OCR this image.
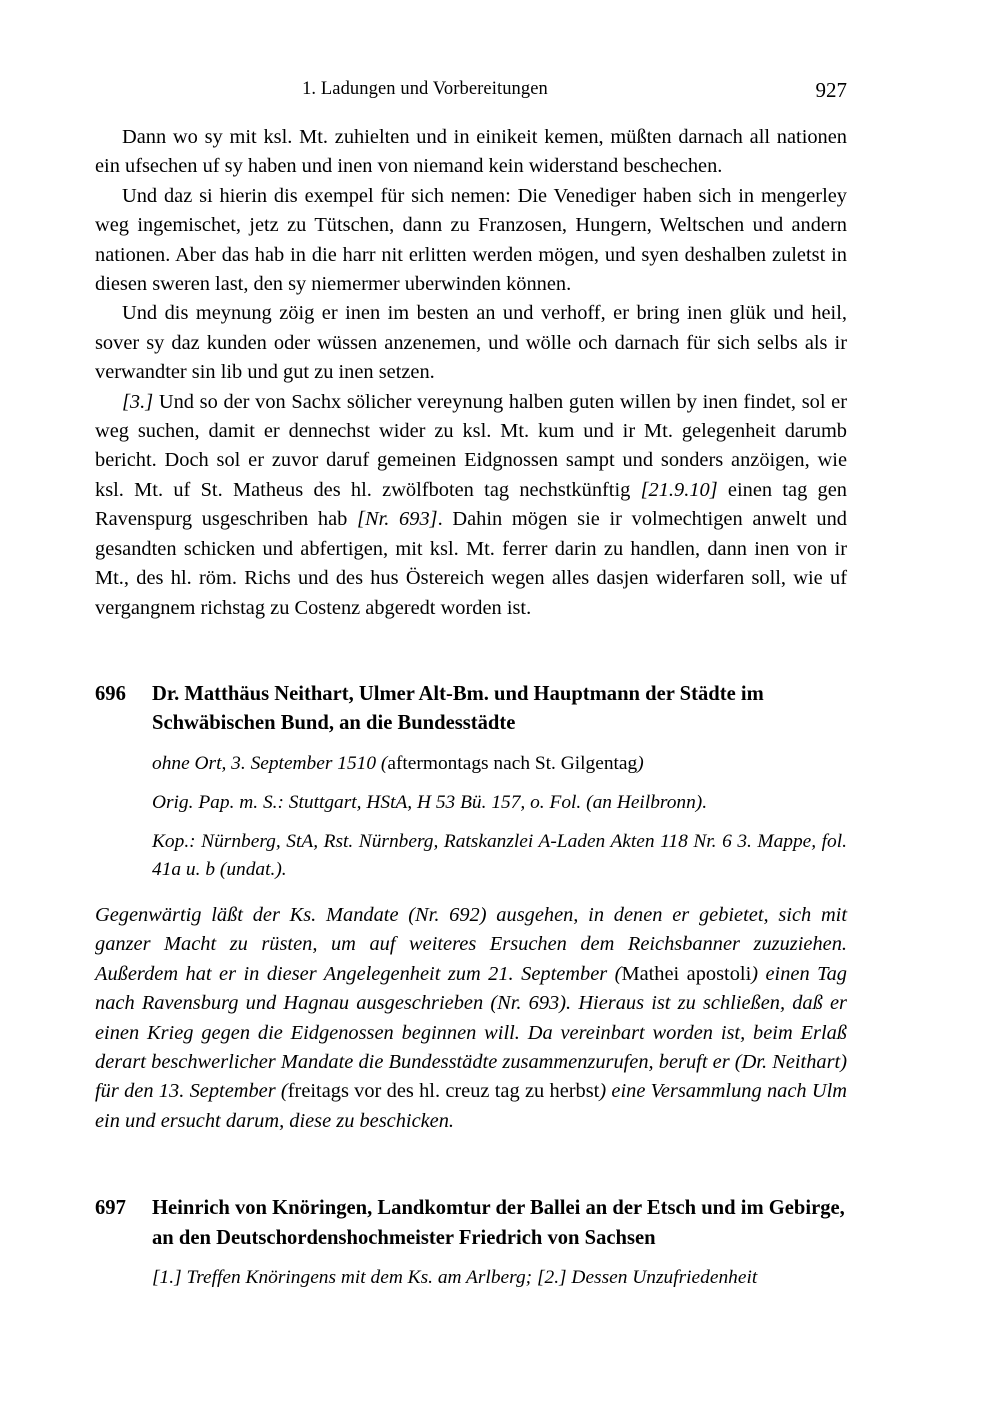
1. Ladungen und Vorbereitungen	927

Dann wo sy mit ksl. Mt. zuhielten und in einikeit kemen, müßten darnach all nationen ein ufsechen uf sy haben und inen von niemand kein widerstand beschechen.

Und daz si hierin dis exempel für sich nemen: Die Venediger haben sich in mengerley weg ingemischet, jetz zu Tütschen, dann zu Franzosen, Hungern, Weltschen und andern nationen. Aber das hab in die harr nit erlitten werden mögen, und syen deshalben zuletst in diesen sweren last, den sy niemermer uberwinden können.

Und dis meynung zöig er inen im besten an und verhoff, er bring inen glük und heil, sover sy daz kunden oder wüssen anzenemen, und wölle och darnach für sich selbs als ir verwandter sin lib und gut zu inen setzen.

[3.] Und so der von Sachx sölicher vereynung halben guten willen by inen findet, sol er weg suchen, damit er dennechst wider zu ksl. Mt. kum und ir Mt. gelegenheit darumb bericht. Doch sol er zuvor daruf gemeinen Eidgnossen sampt und sonders anzöigen, wie ksl. Mt. uf St. Matheus des hl. zwölfboten tag nechstkünftig [21.9.10] einen tag gen Ravenspurg usgeschriben hab [Nr. 693]. Dahin mögen sie ir volmechtigen anwelt und gesandten schicken und abfertigen, mit ksl. Mt. ferrer darin zu handlen, dann inen von ir Mt., des hl. röm. Richs und des hus Östereich wegen alles dasjen widerfaren soll, wie uf vergangnem richstag zu Costenz abgeredt worden ist.

696	Dr. Matthäus Neithart, Ulmer Alt-Bm. und Hauptmann der Städte im Schwäbischen Bund, an die Bundesstädte
ohne Ort, 3. September 1510 (aftermontags nach St. Gilgentag)
Orig. Pap. m. S.: Stuttgart, HStA, H 53 Bü. 157, o. Fol. (an Heilbronn).
Kop.: Nürnberg, StA, Rst. Nürnberg, Ratskanzlei A-Laden Akten 118 Nr. 6 3. Mappe, fol. 41a u. b (undat.).
Gegenwärtig läßt der Ks. Mandate (Nr. 692) ausgehen, in denen er gebietet, sich mit ganzer Macht zu rüsten, um auf weiteres Ersuchen dem Reichsbanner zuzuziehen. Außerdem hat er in dieser Angelegenheit zum 21. September (Mathei apostoli) einen Tag nach Ravensburg und Hagnau ausgeschrieben (Nr. 693). Hieraus ist zu schließen, daß er einen Krieg gegen die Eidgenossen beginnen will. Da vereinbart worden ist, beim Erlaß derart beschwerlicher Mandate die Bundesstädte zusammenzurufen, beruft er (Dr. Neithart) für den 13. September (freitags vor des hl. creuz tag zu herbst) eine Versammlung nach Ulm ein und ersucht darum, diese zu beschicken.
697	Heinrich von Knöringen, Landkomtur der Ballei an der Etsch und im Gebirge, an den Deutschordenshochmeister Friedrich von Sachsen
[1.] Treffen Knöringens mit dem Ks. am Arlberg; [2.] Dessen Unzufriedenheit
